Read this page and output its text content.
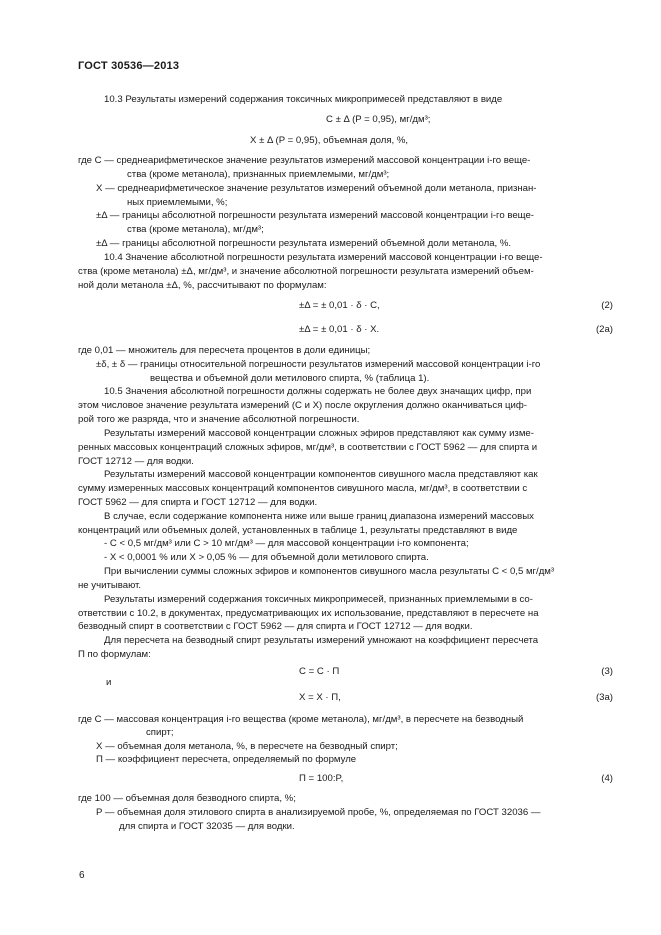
ГОСТ 30536—2013
10.3 Результаты измерений содержания токсичных микропримесей представляют в виде
C ± Δ (P = 0,95), мг/дм³;
X ± Δ (P = 0,95), объемная доля, %,
где C — среднеарифметическое значение результатов измерений массовой концентрации i-го веще-
ства (кроме метанола), признанных приемлемыми, мг/дм³;
X — среднеарифметическое значение результатов измерений объемной доли метанола, признан-
ных приемлемыми, %;
±Δ — границы абсолютной погрешности результата измерений массовой концентрации i-го веще-
ства (кроме метанола), мг/дм³;
±Δ — границы абсолютной погрешности результата измерений объемной доли метанола, %.
10.4 Значение абсолютной погрешности результата измерений массовой концентрации i-го веще-
ства (кроме метанола) ±Δ, мг/дм³, и значение абсолютной погрешности результата измерений объем-
ной доли метанола ±Δ, %, рассчитывают по формулам:
±Δ = ± 0,01 · δ · C,	(2)
±Δ = ± 0,01 · δ · X.	(2a)
где 0,01 — множитель для пересчета процентов в доли единицы;
±δ, ± δ — границы относительной погрешности результатов измерений массовой концентрации i-го
вещества и объемной доли метилового спирта, % (таблица 1).
10.5 Значения абсолютной погрешности должны содержать не более двух значащих цифр, при
этом числовое значение результата измерений (C и X) после округления должно оканчиваться циф-
рой того же разряда, что и значение абсолютной погрешности.
Результаты измерений массовой концентрации сложных эфиров представляют как сумму изме-
ренных массовых концентраций сложных эфиров, мг/дм³, в соответствии с ГОСТ 5962 — для спирта и
ГОСТ 12712 — для водки.
Результаты измерений массовой концентрации компонентов сивушного масла представляют как
сумму измеренных массовых концентраций компонентов сивушного масла, мг/дм³, в соответствии с
ГОСТ 5962 — для спирта и ГОСТ 12712 — для водки.
В случае, если содержание компонента ниже или выше границ диапазона измерений массовых
концентраций или объемных долей, установленных в таблице 1, результаты представляют в виде
- C < 0,5 мг/дм³ или C > 10 мг/дм³ — для массовой концентрации i-го компонента;
- X < 0,0001 % или X > 0,05 % — для объемной доли метилового спирта.
При вычислении суммы сложных эфиров и компонентов сивушного масла результаты C < 0,5 мг/дм³
не учитывают.
Результаты измерений содержания токсичных микропримесей, признанных приемлемыми в со-
ответствии с 10.2, в документах, предусматривающих их использование, представляют в пересчете на
безводный спирт в соответствии с ГОСТ 5962 — для спирта и ГОСТ 12712 — для водки.
Для пересчета на безводный спирт результаты измерений умножают на коэффициент пересчета
П по формулам:
C = C · П	(3)
и
X = X · П,	(3a)
где C — массовая концентрация i-го вещества (кроме метанола), мг/дм³, в пересчете на безводный
спирт;
X — объемная доля метанола, %, в пересчете на безводный спирт;
П — коэффициент пересчета, определяемый по формуле
П = 100:P,	(4)
где 100 — объемная доля безводного спирта, %;
P — объемная доля этилового спирта в анализируемой пробе, %, определяемая по ГОСТ 32036 —
для спирта и ГОСТ 32035 — для водки.
6
